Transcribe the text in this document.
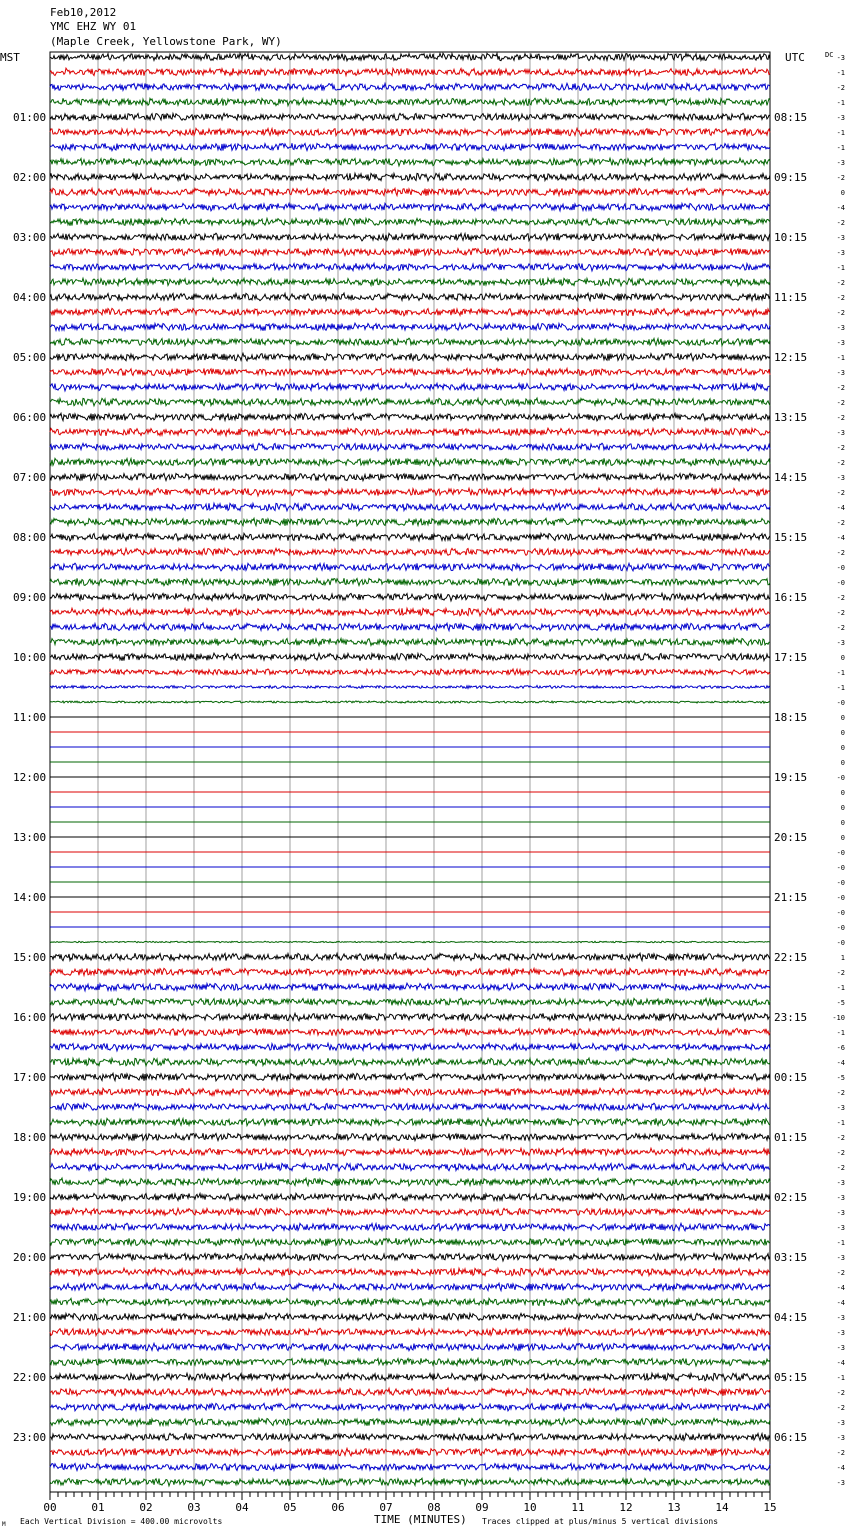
Feb10,2012
YMC EHZ WY 01
(Maple Creek, Yellowstone Park, WY)
MST	UTC	DC
01:00
02:00
03:00
04:00
05:00
06:00
07:00
08:00
09:00
10:00
11:00
12:00
13:00
14:00
15:00
16:00
17:00
18:00
19:00
20:00
21:00
22:00
23:00
08:15
09:15
10:15
11:15
12:15
13:15
14:15
15:15
16:15
17:15
18:15
19:15
20:15
21:15
22:15
23:15
00:15
01:15
02:15
03:15
04:15
05:15
06:15
-3
-1
-2
-1
-3
-1
-1
-3
-2
0
-4
-2
-3
-3
-1
-2
-2
-2
-3
-3
-1
-3
-2
-2
-2
-3
-2
-2
-3
-2
-4
-2
-4
-2
-0
-0
-2
-2
-2
-3
0
-1
-1
-0
0
0
0
0
-0
0
0
0
0
-0
-0
-0
-0
-0
-0
-0
1
-2
-1
-5
-10
-1
-6
-4
-5
-2
-3
-1
-2
-2
-2
-3
-3
-3
-3
-1
-3
-2
-4
-4
-3
-3
-3
-4
-1
-2
-2
-3
-3
-2
-4
-3
00	01	02	03	04	05	06	07	08	09	10	11	12	13	14	15
M Each Vertical Division = 400.00 microvolts	TIME (MINUTES) Traces clipped at plus/minus 5 vertical divisions
